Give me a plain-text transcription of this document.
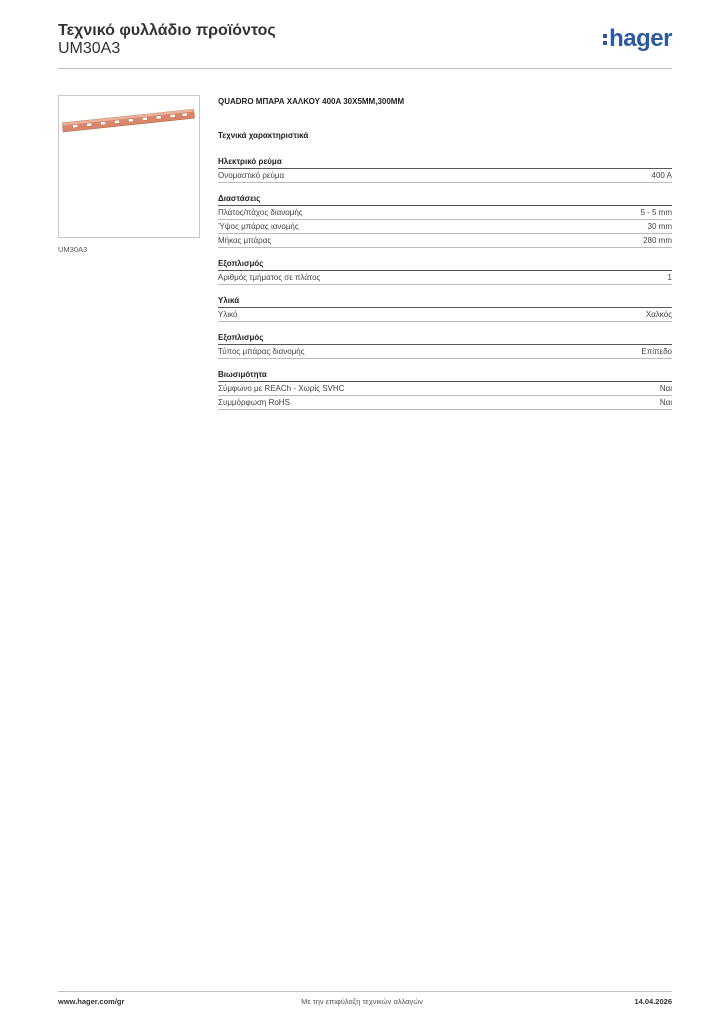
Τεχνικό φυλλάδιο προϊόντος
UM30A3	hager
UM30A3
QUADRO ΜΠΑΡΑ ΧΑΛΚΟΥ 400A 30X5MM,300MM
Τεχνικά χαρακτηριστικά
Ηλεκτρικό ρεύμα
Ονομαστικό ρεύμα	400 A
Διαστάσεις
Πλάτος/πάχος διανομής	5 - 5 mm
Ύψος μπάρας ιανομής	30 mm
Μήκος μπάρας	280 mm
Εξοπλισμός
Αριθμός τμήματος σε πλάτος	1
Υλικά
Υλικό	Χαλκός
Εξοπλισμός
Τύπος μπάρας διανομής	Επίπεδο
Βιωσιμότητα
Σύμφωνο με REACh - Χωρίς SVHC	Ναι
Συμμόρφωση RoHS	Ναι
www.hager.com/gr	Με την επιφύλαξη τεχνικών αλλαγών	14.04.2026
